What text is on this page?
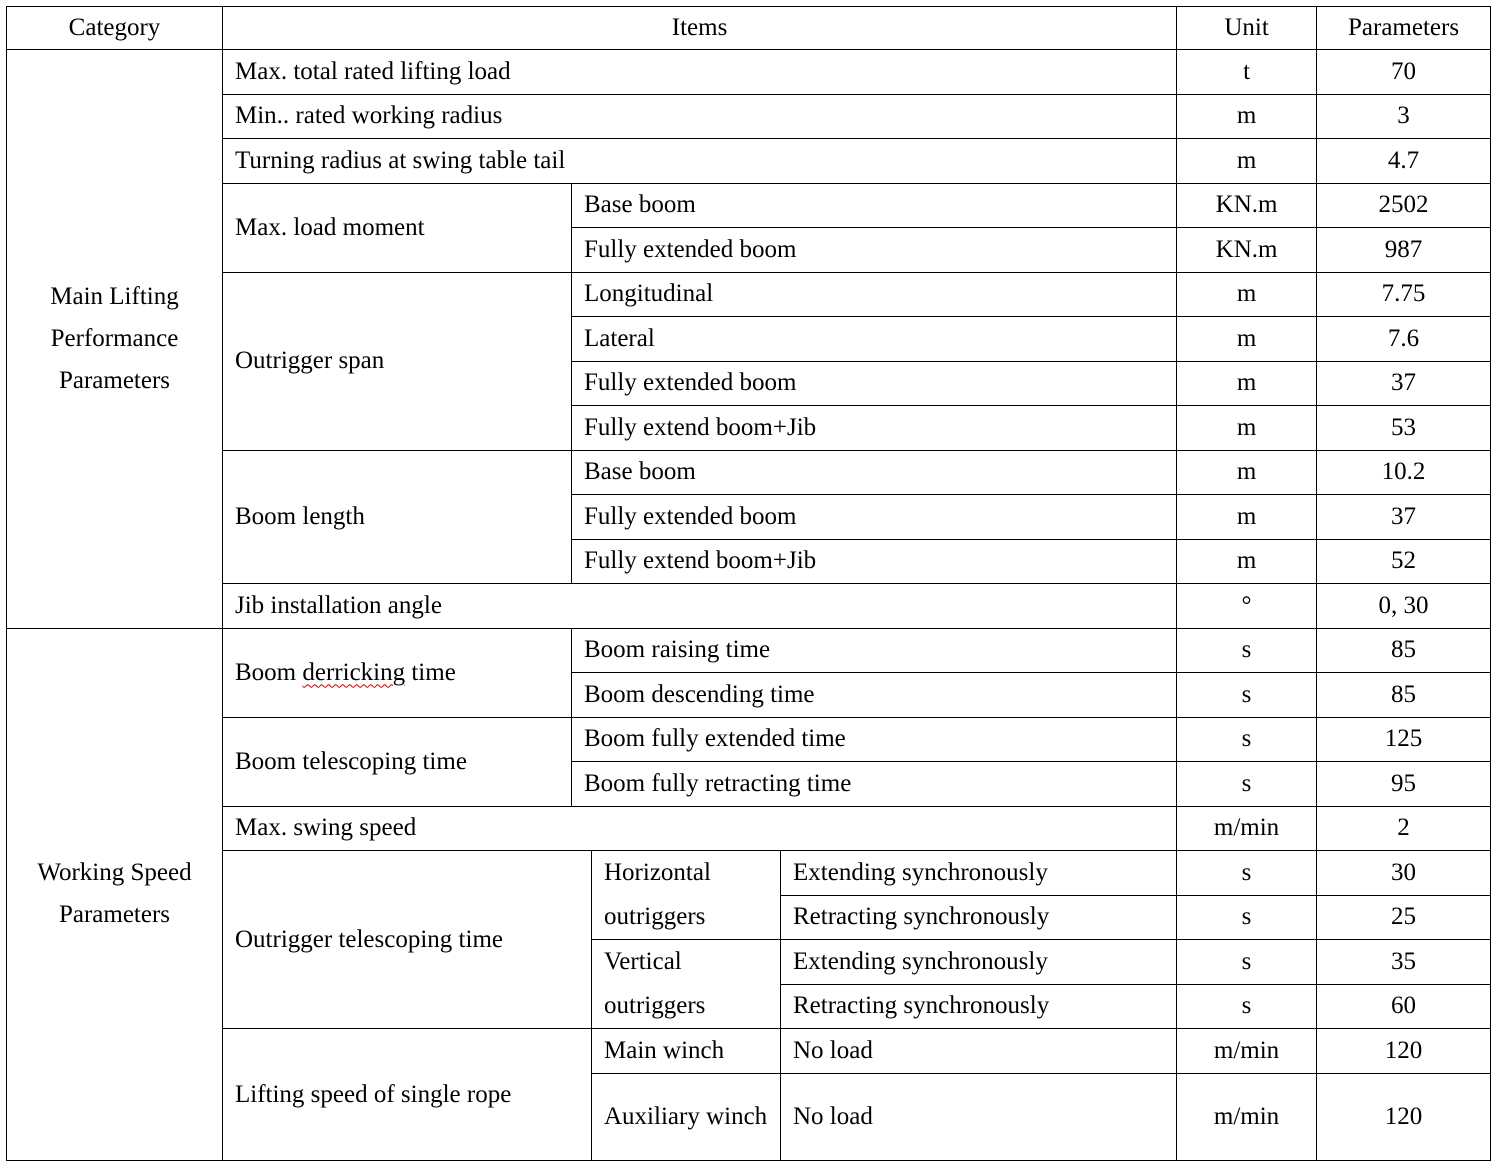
Category	Items				Unit	Parameters
Main Lifting Performance Parameters	Max. total rated lifting load				t	70
	Min.. rated working radius				m	3
	Turning radius at swing table tail				m	4.7
	Max. load moment	Base boom			KN.m	2502
		Fully extended boom			KN.m	987
	Outrigger span	Longitudinal			m	7.75
		Lateral			m	7.6
		Fully extended boom			m	37
		Fully extend boom+Jib			m	53
	Boom length	Base boom			m	10.2
		Fully extended boom			m	37
		Fully extend boom+Jib			m	52
	Jib installation angle				°	0, 30
Working Speed Parameters	Boom derricking time	Boom raising time			s	85
		Boom descending time			s	85
	Boom telescoping time	Boom fully extended time			s	125
		Boom fully retracting time			s	95
	Max. swing speed				m/min	2
	Outrigger telescoping time		Horizontal outriggers	Extending synchronously	s	30
				Retracting synchronously	s	25
			Vertical outriggers	Extending synchronously	s	35
				Retracting synchronously	s	60
	Lifting speed of single rope		Main winch	No load	m/min	120
			Auxiliary winch	No load	m/min	120
